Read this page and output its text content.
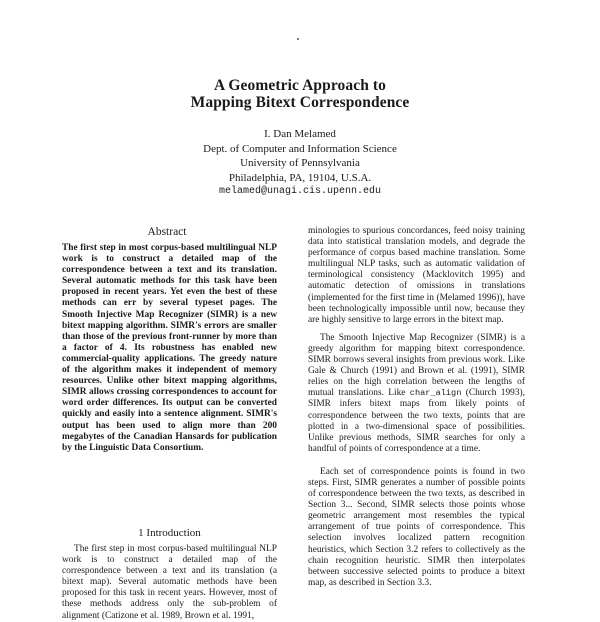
A Geometric Approach to
Mapping Bitext Correspondence
I. Dan Melamed
Dept. of Computer and Information Science
University of Pennsylvania
Philadelphia, PA, 19104, U.S.A.
melamed@unagi.cis.upenn.edu
Abstract
The first step in most corpus-based multilingual NLP work is to construct a detailed map of the correspondence between a text and its translation. Several automatic methods for this task have been proposed in recent years. Yet even the best of these methods can err by several typeset pages. The Smooth Injective Map Recognizer (SIMR) is a new bitext mapping algorithm. SIMR's errors are smaller than those of the previous front-runner by more than a factor of 4. Its robustness has enabled new commercial-quality applications. The greedy nature of the algorithm makes it independent of memory resources. Unlike other bitext mapping algorithms, SIMR allows crossing correspondences to account for word order differences. Its output can be converted quickly and easily into a sentence alignment. SIMR's output has been used to align more than 200 megabytes of the Canadian Hansards for publication by the Linguistic Data Consortium.
1 Introduction

The first step in most corpus-based multilingual NLP work is to construct a detailed map of the correspondence between a text and its translation (a bitext map). Several automatic methods have been proposed for this task in recent years. However, most of these methods address only the sub-problem of alignment (Catizone et al. 1989, Brown et al. 1991,

minologies to spurious concordances, feed noisy training data into statistical translation models, and degrade the performance of corpus based machine translation. Some multilingual NLP tasks, such as automatic validation of terminological consistency (Macklovitch 1995) and automatic detection of omissions in translations (implemented for the first time in (Melamed 1996)), have been technologically impossible until now, because they are highly sensitive to large errors in the bitext map.

The Smooth Injective Map Recognizer (SIMR) is a greedy algorithm for mapping bitext correspondence. SIMR borrows several insights from previous work. Like Gale & Church (1991) and Brown et al. (1991), SIMR relies on the high correlation between the lengths of mutual translations. Like char_align (Church 1993), SIMR infers bitext maps from likely points of correspondence between the two texts, points that are plotted in a two-dimensional space of possibilities. Unlike previous methods, SIMR searches for only a handful of points of correspondence at a time.

Each set of correspondence points is found in two steps. First, SIMR generates a number of possible points of correspondence between the two texts, as described in Section 3... Second, SIMR selects those points whose geometric arrangement most resembles the typical arrangement of true points of correspondence. This selection involves localized pattern recognition heuristics, which Section 3.2 refers to collectively as the chain recognition heuristic. SIMR then interpolates between successive selected points to produce a bitext map, as described in Section 3.3.
